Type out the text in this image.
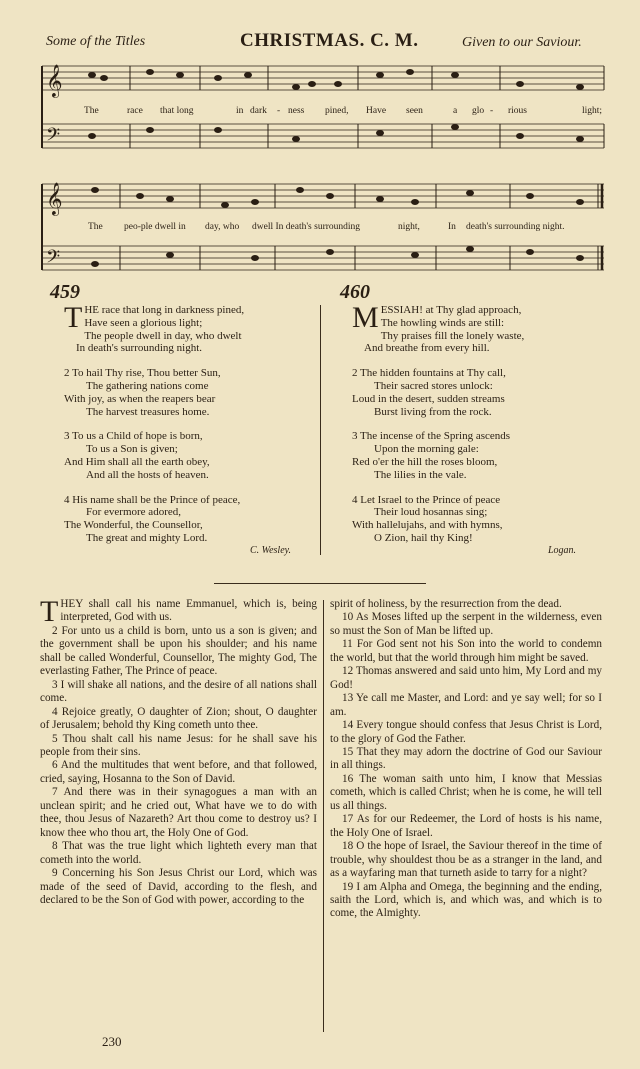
Some of the Titles	CHRISTMAS. C. M.	Given to our Saviour.
𝄞
𝄢
The	race that long	in dark - ness pined, Have seen	a glo - rious	light;
𝄞
𝄢
The peo-ple dwell in day, who dwell In death's surrounding	night,	In death's surrounding night.
459
T HE race that long in darkness pined,
Have seen a glorious light;
The people dwell in day, who dwelt
In death's surrounding night.
2 To hail Thy rise, Thou better Sun,
The gathering nations come
With joy, as when the reapers bear
The harvest treasures home.
3 To us a Child of hope is born,
To us a Son is given;
And Him shall all the earth obey,
And all the hosts of heaven.
4 His name shall be the Prince of peace,
For evermore adored,
The Wonderful, the Counsellor,
The great and mighty Lord.
C. Wesley.
460
M ESSIAH! at Thy glad approach,
The howling winds are still:
Thy praises fill the lonely waste,
And breathe from every hill.
2 The hidden fountains at Thy call,
Their sacred stores unlock:
Loud in the desert, sudden streams
Burst living from the rock.
3 The incense of the Spring ascends
Upon the morning gale:
Red o'er the hill the roses bloom,
The lilies in the vale.
4 Let Israel to the Prince of peace
Their loud hosannas sing;
With hallelujahs, and with hymns,
O Zion, hail thy King!
Logan.

THEY shall call his name Emmanuel, which is, being interpreted, God with us.

2 For unto us a child is born, unto us a son is given; and the government shall be upon his shoulder; and his name shall be called Wonderful, Counsellor, The mighty God, The everlasting Father, The Prince of peace.

3 I will shake all nations, and the desire of all nations shall come.

4 Rejoice greatly, O daughter of Zion; shout, O daughter of Jerusalem; behold thy King cometh unto thee.

5 Thou shalt call his name Jesus: for he shall save his people from their sins.

6 And the multitudes that went before, and that followed, cried, saying, Hosanna to the Son of David.

7 And there was in their synagogues a man with an unclean spirit; and he cried out, What have we to do with thee, thou Jesus of Nazareth? Art thou come to destroy us? I know thee who thou art, the Holy One of God.

8 That was the true light which lighteth every man that cometh into the world.

9 Concerning his Son Jesus Christ our Lord, which was made of the seed of David, according to the flesh, and declared to be the Son of God with power, according to the

spirit of holiness, by the resurrection from the dead.

10 As Moses lifted up the serpent in the wilderness, even so must the Son of Man be lifted up.

11 For God sent not his Son into the world to condemn the world, but that the world through him might be saved.

12 Thomas answered and said unto him, My Lord and my God!

13 Ye call me Master, and Lord: and ye say well; for so I am.

14 Every tongue should confess that Jesus Christ is Lord, to the glory of God the Father.

15 That they may adorn the doctrine of God our Saviour in all things.

16 The woman saith unto him, I know that Messias cometh, which is called Christ; when he is come, he will tell us all things.

17 As for our Redeemer, the Lord of hosts is his name, the Holy One of Israel.

18 O the hope of Israel, the Saviour thereof in the time of trouble, why shouldest thou be as a stranger in the land, and as a wayfaring man that turneth aside to tarry for a night?

19 I am Alpha and Omega, the beginning and the ending, saith the Lord, which is, and which was, and which is to come, the Almighty.

230
